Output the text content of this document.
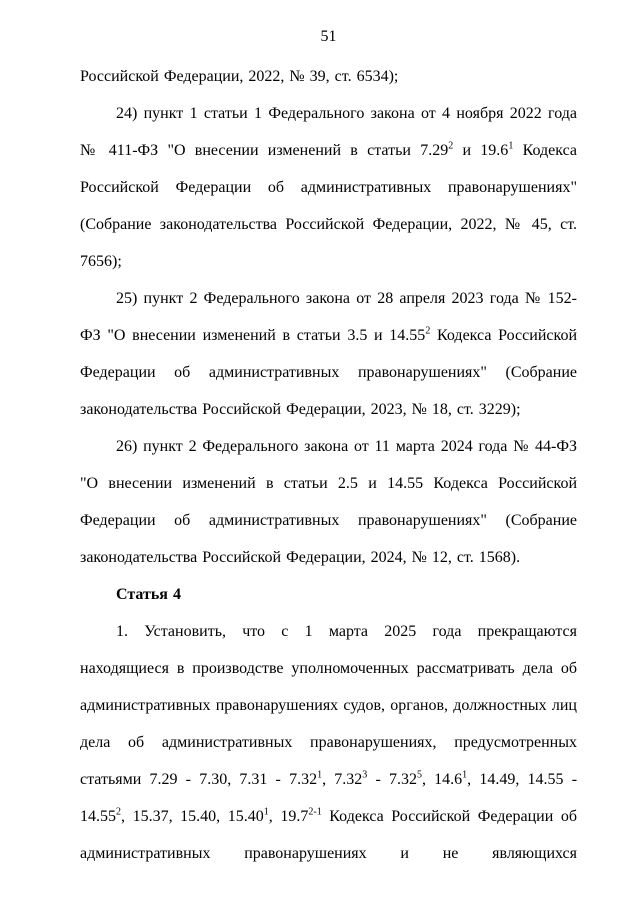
51

Российской Федерации, 2022, № 39, ст. 6534);

24) пункт 1 статьи 1 Федерального закона от 4 ноября 2022 года № 411-ФЗ "О внесении изменений в статьи 7.29$^2$ и 19.6$^1$ Кодекса Российской Федерации об административных правонарушениях" (Собрание законодательства Российской Федерации, 2022, № 45, ст. 7656);

25) пункт 2 Федерального закона от 28 апреля 2023 года № 152-ФЗ "О внесении изменений в статьи 3.5 и 14.55$^2$ Кодекса Российской Федерации об административных правонарушениях" (Собрание законодательства Российской Федерации, 2023, № 18, ст. 3229);

26) пункт 2 Федерального закона от 11 марта 2024 года № 44-ФЗ "О внесении изменений в статьи 2.5 и 14.55 Кодекса Российской Федерации об административных правонарушениях" (Собрание законодательства Российской Федерации, 2024, № 12, ст. 1568).

Статья 4

1. Установить, что с 1 марта 2025 года прекращаются находящиеся в производстве уполномоченных рассматривать дела об административных правонарушениях судов, органов, должностных лиц дела об административных правонарушениях, предусмотренных статьями 7.29 - 7.30, 7.31 - 7.32$^1$, 7.32$^3$ - 7.32$^5$, 14.6$^1$, 14.49, 14.55 - 14.55$^2$, 15.37, 15.40, 15.40$^1$, 19.7$^{2-1}$ Кодекса Российской Федерации об административных правонарушениях и не являющихся
